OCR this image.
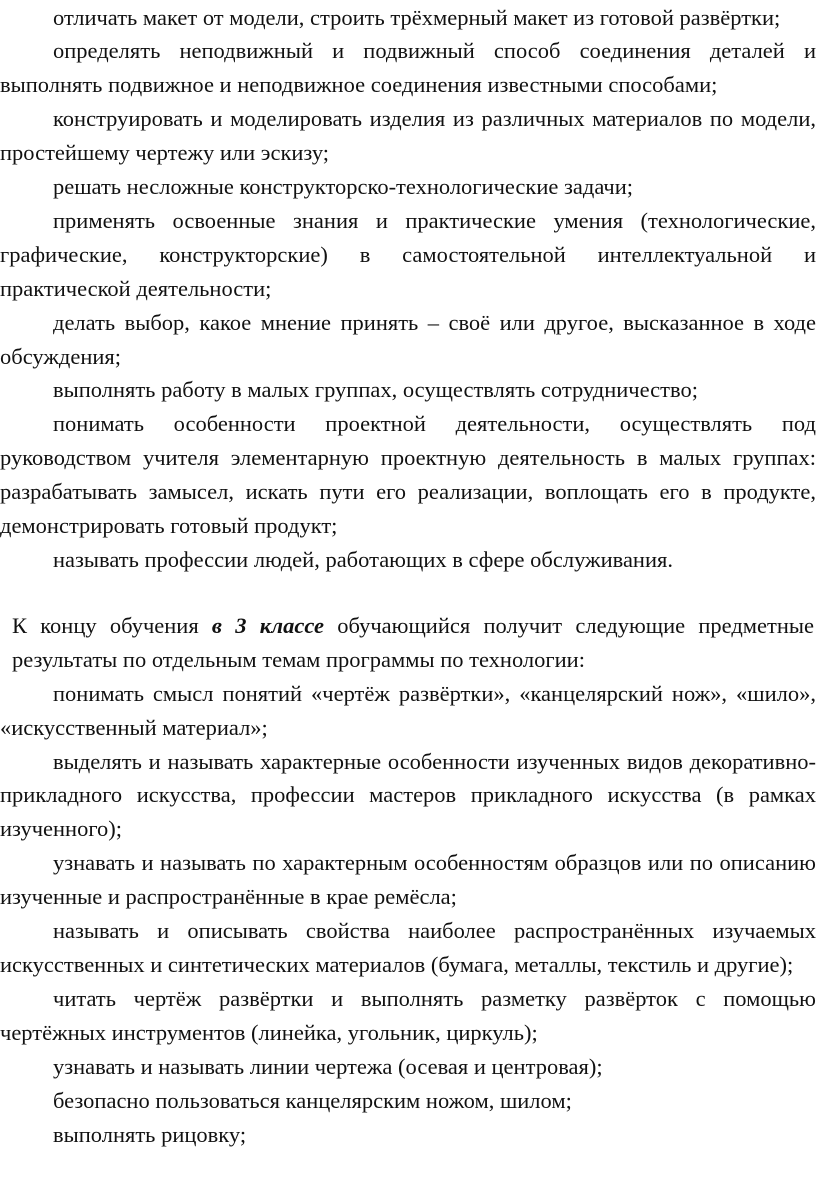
отличать макет от модели, строить трёхмерный макет из готовой развёртки;

определять неподвижный и подвижный способ соединения деталей и выполнять подвижное и неподвижное соединения известными способами;

конструировать и моделировать изделия из различных материалов по модели, простейшему чертежу или эскизу;

решать несложные конструкторско-технологические задачи;

применять освоенные знания и практические умения (технологические, графические, конструкторские) в самостоятельной интеллектуальной и практической деятельности;

делать выбор, какое мнение принять – своё или другое, высказанное в ходе обсуждения;

выполнять работу в малых группах, осуществлять сотрудничество;

понимать особенности проектной деятельности, осуществлять под руководством учителя элементарную проектную деятельность в малых группах: разрабатывать замысел, искать пути его реализации, воплощать его в продукте, демонстрировать готовый продукт;

называть профессии людей, работающих в сфере обслуживания.

К концу обучения в 3 классе обучающийся получит следующие предметные результаты по отдельным темам программы по технологии:

понимать смысл понятий «чертёж развёртки», «канцелярский нож», «шило», «искусственный материал»;

выделять и называть характерные особенности изученных видов декоративно-прикладного искусства, профессии мастеров прикладного искусства (в рамках изученного);

узнавать и называть по характерным особенностям образцов или по описанию изученные и распространённые в крае ремёсла;

называть и описывать свойства наиболее распространённых изучаемых искусственных и синтетических материалов (бумага, металлы, текстиль и другие);

читать чертёж развёртки и выполнять разметку развёрток с помощью чертёжных инструментов (линейка, угольник, циркуль);

узнавать и называть линии чертежа (осевая и центровая);

безопасно пользоваться канцелярским ножом, шилом;

выполнять рицовку;
